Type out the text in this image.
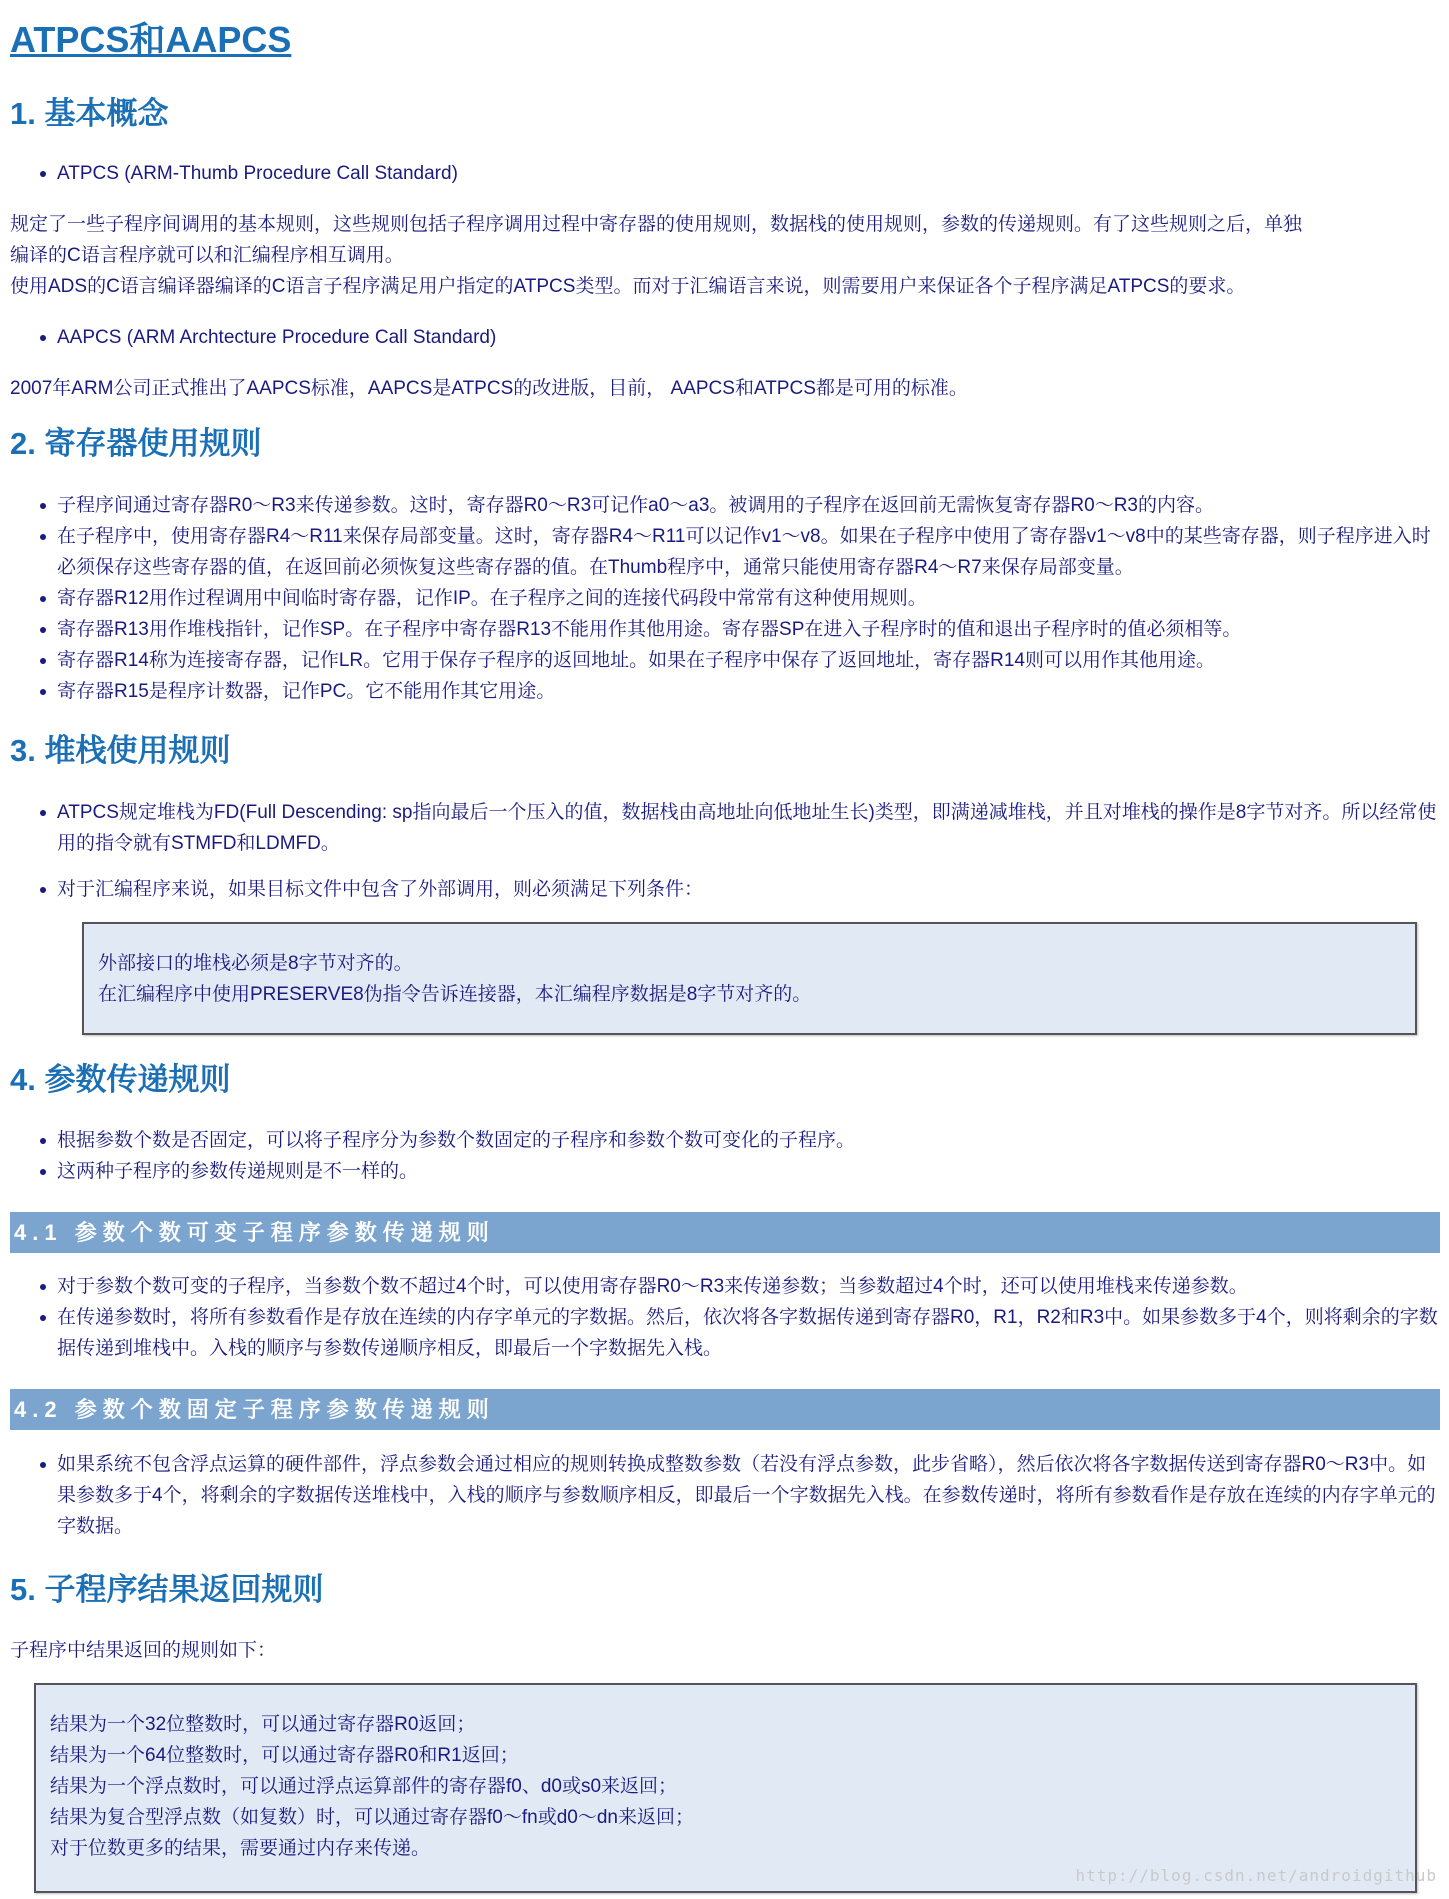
ATPCS和AAPCS
1. 基本概念
ATPCS (ARM-Thumb Procedure Call Standard)
规定了一些子程序间调用的基本规则，这些规则包括子程序调用过程中寄存器的使用规则，数据栈的使用规则，参数的传递规则。有了这些规则之后，单独
编译的C语言程序就可以和汇编程序相互调用。
使用ADS的C语言编译器编译的C语言子程序满足用户指定的ATPCS类型。而对于汇编语言来说，则需要用户来保证各个子程序满足ATPCS的要求。
AAPCS (ARM Archtecture Procedure Call Standard)
2007年ARM公司正式推出了AAPCS标准，AAPCS是ATPCS的改进版，目前， AAPCS和ATPCS都是可用的标准。
2. 寄存器使用规则
子程序间通过寄存器R0～R3来传递参数。这时，寄存器R0～R3可记作a0～a3。被调用的子程序在返回前无需恢复寄存器R0～R3的内容。
在子程序中，使用寄存器R4～R11来保存局部变量。这时，寄存器R4～R11可以记作v1～v8。如果在子程序中使用了寄存器v1～v8中的某些寄存器，则子程序进入时必须保存这些寄存器的值，在返回前必须恢复这些寄存器的值。在Thumb程序中，通常只能使用寄存器R4～R7来保存局部变量。
寄存器R12用作过程调用中间临时寄存器，记作IP。在子程序之间的连接代码段中常常有这种使用规则。
寄存器R13用作堆栈指针，记作SP。在子程序中寄存器R13不能用作其他用途。寄存器SP在进入子程序时的值和退出子程序时的值必须相等。
寄存器R14称为连接寄存器，记作LR。它用于保存子程序的返回地址。如果在子程序中保存了返回地址，寄存器R14则可以用作其他用途。
寄存器R15是程序计数器，记作PC。它不能用作其它用途。
3. 堆栈使用规则
ATPCS规定堆栈为FD(Full Descending: sp指向最后一个压入的值，数据栈由高地址向低地址生长)类型，即满递减堆栈，并且对堆栈的操作是8字节对齐。所以经常使用的指令就有STMFD和LDMFD。
对于汇编程序来说，如果目标文件中包含了外部调用，则必须满足下列条件：
外部接口的堆栈必须是8字节对齐的。
在汇编程序中使用PRESERVE8伪指令告诉连接器，本汇编程序数据是8字节对齐的。
4. 参数传递规则
根据参数个数是否固定，可以将子程序分为参数个数固定的子程序和参数个数可变化的子程序。
这两种子程序的参数传递规则是不一样的。
4.1 参数个数可变子程序参数传递规则
对于参数个数可变的子程序，当参数个数不超过4个时，可以使用寄存器R0～R3来传递参数；当参数超过4个时，还可以使用堆栈来传递参数。
在传递参数时，将所有参数看作是存放在连续的内存字单元的字数据。然后，依次将各字数据传递到寄存器R0，R1，R2和R3中。如果参数多于4个，则将剩余的字数据传递到堆栈中。入栈的顺序与参数传递顺序相反，即最后一个字数据先入栈。
4.2 参数个数固定子程序参数传递规则
如果系统不包含浮点运算的硬件部件，浮点参数会通过相应的规则转换成整数参数（若没有浮点参数，此步省略），然后依次将各字数据传送到寄存器R0～R3中。如果参数多于4个，将剩余的字数据传送堆栈中，入栈的顺序与参数顺序相反，即最后一个字数据先入栈。在参数传递时，将所有参数看作是存放在连续的内存字单元的字数据。
5. 子程序结果返回规则
子程序中结果返回的规则如下：
结果为一个32位整数时，可以通过寄存器R0返回；
结果为一个64位整数时，可以通过寄存器R0和R1返回；
结果为一个浮点数时，可以通过浮点运算部件的寄存器f0、d0或s0来返回；
结果为复合型浮点数（如复数）时，可以通过寄存器f0～fn或d0～dn来返回；
对于位数更多的结果，需要通过内存来传递。
http://blog.csdn.net/androidgithub
